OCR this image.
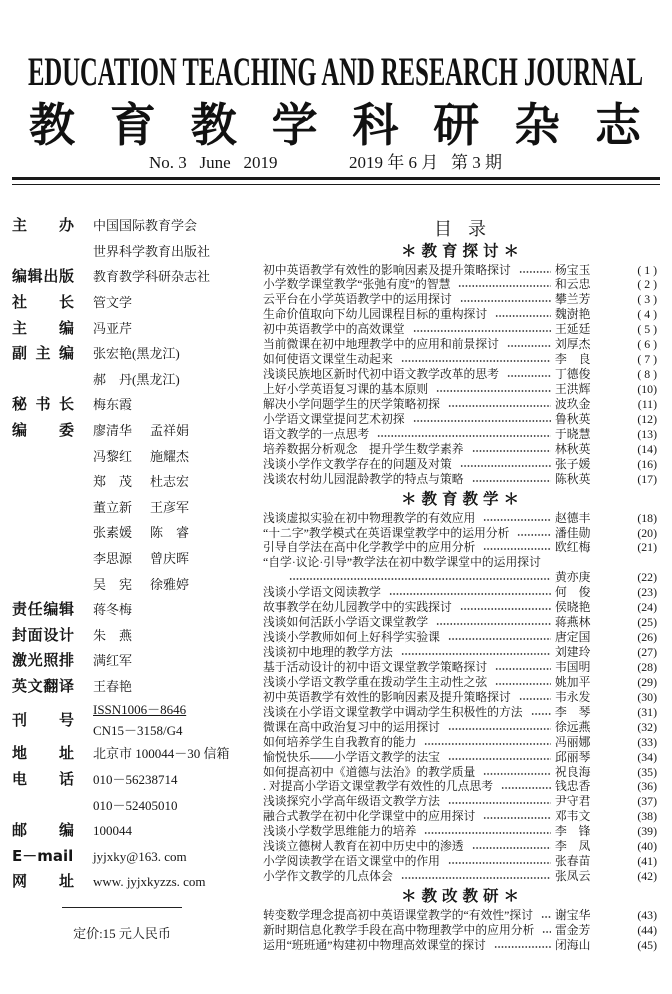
EDUCATION TEACHING AND RESEARCH JOURNAL
教育教学科研杂志
No. 3   June   2019	2019 年 6 月   第 3 期
主办 中国国际教育学会
世界科学教育出版社
编辑出版 教育教学科研杂志社
社长 管文学
主编 冯亚芹
副主编 张宏艳(黑龙江)
郝　丹(黑龙江)
秘书长 梅东霞
编委 廖清华 孟祥娟
冯黎红 施耀杰
郑　茂 杜志宏
董立新 王彦军
张素媛 陈　睿
李思源 曾庆晖
吴　宪 徐雅婷
责任编辑 蒋冬梅
封面设计 朱　燕
激光照排 满红军
英文翻译 王春艳
刊号
ISSN1006－8646
CN15－3158/G4
地址 北京市 100044－30 信箱
电话 010－56238714
010－52405010
邮编 100044
E－mail jyjxky@163. com
网址 www. jyjxkyzzs. com
定价:15 元人民币
目录
＊教育探讨＊
初中英语教学有效性的影响因素及提升策略探讨	杨宝玉	( 1 )
小学数学课堂教学“张弛有度”的智慧	和云忠	( 2 )
云平台在小学英语教学中的运用探讨	攀兰芳	( 3 )
生命价值取向下幼儿园课程目标的重构探讨	魏澍艳	( 4 )
初中英语教学中的高效课堂	王延廷	( 5 )
当前微课在初中地理教学中的应用和前景探讨	刘厚杰	( 6 )
如何使语文课堂生动起来	李　良	( 7 )
浅谈民族地区新时代初中语文教学改革的思考	丁德俊	( 8 )
上好小学英语复习课的基本原则	王洪辉	(10)
解决小学问题学生的厌学策略初探	波玖金	(11)
小学语文课堂提问艺术初探	鲁秋英	(12)
语文教学的一点思考	于晓慧	(13)
培养数据分析观念　提升学生数学素养	林秋英	(14)
浅谈小学作文教学存在的问题及对策	张子媛	(16)
浅谈农村幼儿园混龄教学的特点与策略	陈秋英	(17)
＊教育教学＊
浅谈虚拟实验在初中物理教学的有效应用	赵德丰	(18)
“十二字”教学模式在英语课堂教学中的运用分析	潘佳勋	(20)
引导自学法在高中化学教学中的应用分析	欧红梅	(21)
“自学·议论·引导”教学法在初中数学课堂中的运用探讨
黄亦庚	(22)
浅谈小学语文阅读教学	何　俊	(23)
故事教学在幼儿园教学中的实践探讨	侯晓艳	(24)
浅谈如何活跃小学语文课堂教学	蒋燕林	(25)
浅谈小学教师如何上好科学实验课	唐定国	(26)
浅谈初中地理的教学方法	刘建玲	(27)
基于活动设计的初中语文课堂教学策略探讨	韦国明	(28)
浅谈小学语文教学重在拨动学生主动性之弦	姚加平	(29)
初中英语教学有效性的影响因素及提升策略探讨	韦永发	(30)
浅谈在小学语文课堂教学中调动学生积极性的方法	李　琴	(31)
微课在高中政治复习中的运用探讨	徐远燕	(32)
如何培养学生自我教育的能力	冯丽娜	(33)
愉悦快乐——小学语文教学的法宝	邱丽琴	(34)
如何提高初中《道德与法治》的教学质量	祝良海	(35)
. 对提高小学语文课堂教学有效性的几点思考	钱忠香	(36)
浅谈探究小学高年级语文教学方法	尹守君	(37)
融合式教学在初中化学课堂中的应用探讨	邓韦文	(38)
浅谈小学数学思维能力的培养	李　锋	(39)
浅谈立德树人教育在初中历史中的渗透	李　凤	(40)
小学阅读教学在语文课堂中的作用	张春苗	(41)
小学作文教学的几点体会	张凤云	(42)
＊教改教研＊
转变数学理念提高初中英语课堂教学的“有效性”探讨 谢宝华	(43)
新时期信息化教学手段在高中物理教学中的应用分析 雷金芳	(44)
运用“班班通”构建初中物理高效课堂的探讨	闭海山	(45)
